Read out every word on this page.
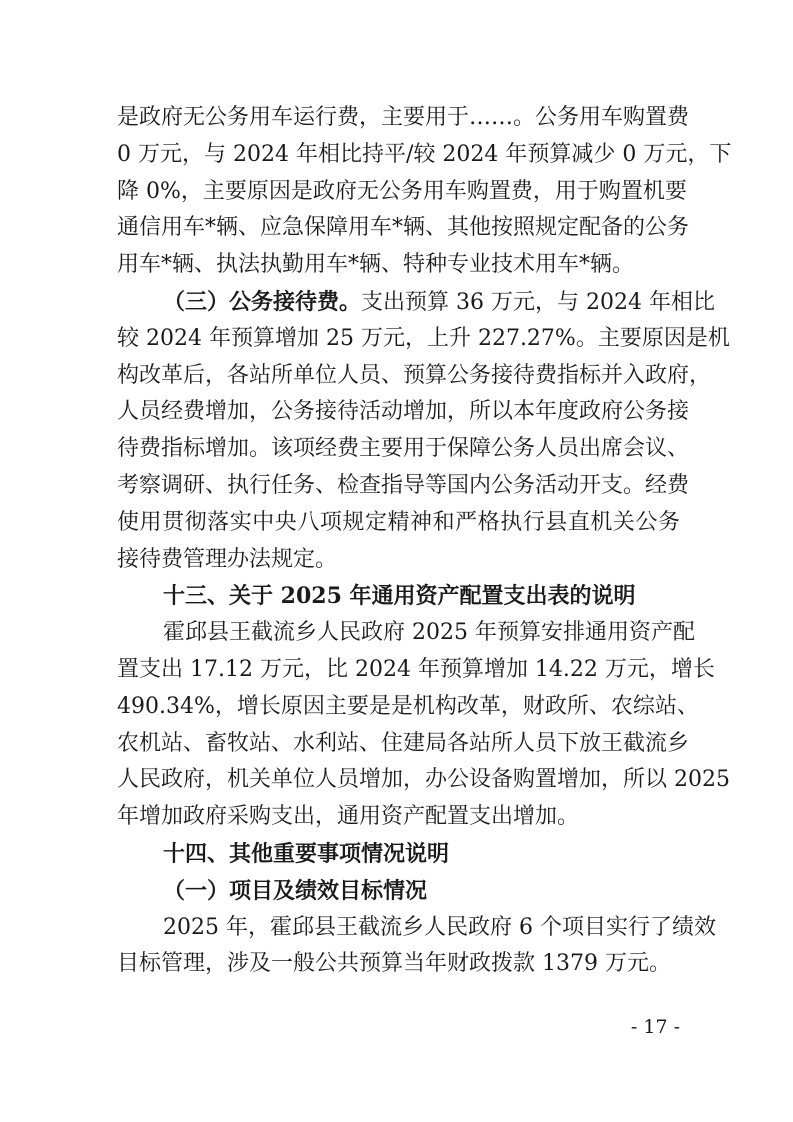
是政府无公务用车运行费，主要用于……。公务用车购置费
0 万元，与 2024 年相比持平/较 2024 年预算减少 0 万元，下
降 0%，主要原因是政府无公务用车购置费，用于购置机要
通信用车*辆、应急保障用车*辆、其他按照规定配备的公务
用车*辆、执法执勤用车*辆、特种专业技术用车*辆。
（三）公务接待费。支出预算 36 万元，与 2024 年相比
较 2024 年预算增加 25 万元，上升 227.27%。主要原因是机
构改革后，各站所单位人员、预算公务接待费指标并入政府，
人员经费增加，公务接待活动增加，所以本年度政府公务接
待费指标增加。该项经费主要用于保障公务人员出席会议、
考察调研、执行任务、检查指导等国内公务活动开支。经费
使用贯彻落实中央八项规定精神和严格执行县直机关公务
接待费管理办法规定。
十三、关于 2025 年通用资产配置支出表的说明
霍邱县王截流乡人民政府 2025 年预算安排通用资产配
置支出 17.12 万元，比 2024 年预算增加 14.22 万元，增长
490.34%，增长原因主要是是机构改革，财政所、农综站、
农机站、畜牧站、水利站、住建局各站所人员下放王截流乡
人民政府，机关单位人员增加，办公设备购置增加，所以 2025
年增加政府采购支出，通用资产配置支出增加。
十四、其他重要事项情况说明
（一）项目及绩效目标情况
2025 年，霍邱县王截流乡人民政府 6 个项目实行了绩效
目标管理，涉及一般公共预算当年财政拨款 1379 万元。
- 17 -
